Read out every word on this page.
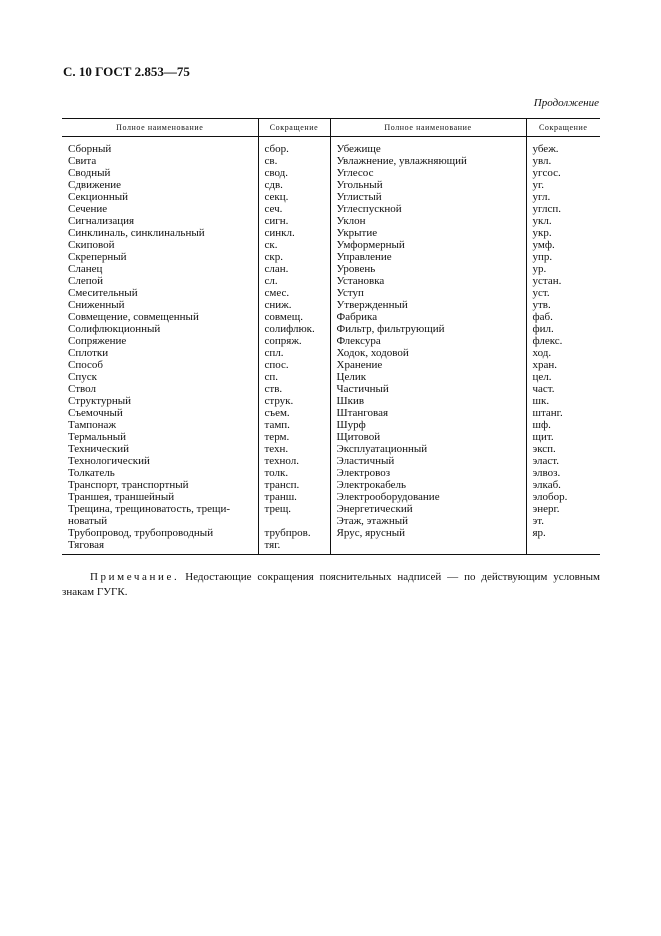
С. 10 ГОСТ 2.853—75
Продолжение
Полное наименование	Сокращение	Полное наименование	Сокращение
Сборный	сбор.	Убежище	убеж.
Свита	св.	Увлажнение, увлажняющий	увл.
Сводный	свод.	Углесос	угсос.
Сдвижение	сдв.	Угольный	уг.
Секционный	секц.	Углистый	угл.
Сечение	сеч.	Углеспускной	углсп.
Сигнализация	сигн.	Уклон	укл.
Синклиналь, синклинальный	синкл.	Укрытие	укр.
Скиповой	ск.	Умформерный	умф.
Скреперный	скр.	Управление	упр.
Сланец	слан.	Уровень	ур.
Слепой	сл.	Установка	устан.
Смесительный	смес.	Уступ	уст.
Сниженный	сниж.	Утвержденный	утв.
Совмещение, совмещенный	совмещ.	Фабрика	фаб.
Солифлюкционный	солифлюк.	Фильтр, фильтрующий	фил.
Сопряжение	сопряж.	Флексура	флекс.
Сплотки	спл.	Ходок, ходовой	ход.
Способ	спос.	Хранение	хран.
Спуск	сп.	Целик	цел.
Ствол	ств.	Частичный	част.
Структурный	струк.	Шкив	шк.
Съемочный	съем.	Штанговая	штанг.
Тампонаж	тамп.	Шурф	шф.
Термальный	терм.	Щитовой	щит.
Технический	техн.	Эксплуатационный	эксп.
Технологический	технол.	Эластичный	эласт.
Толкатель	толк.	Электровоз	элвоз.
Транспорт, транспортный	трансп.	Электрокабель	элкаб.
Траншея, траншейный	транш.	Электрооборудование	элобор.
Трещина, трещиноватость, трещи-	трещ.	Энергетический	энерг.
новатый		Этаж, этажный	эт.
Трубопровод, трубопроводный	трубпров.	Ярус, ярусный	яр.
Тяговая	тяг.		
Примечание. Недостающие сокращения пояснительных надписей — по действующим условным знакам ГУГК.
